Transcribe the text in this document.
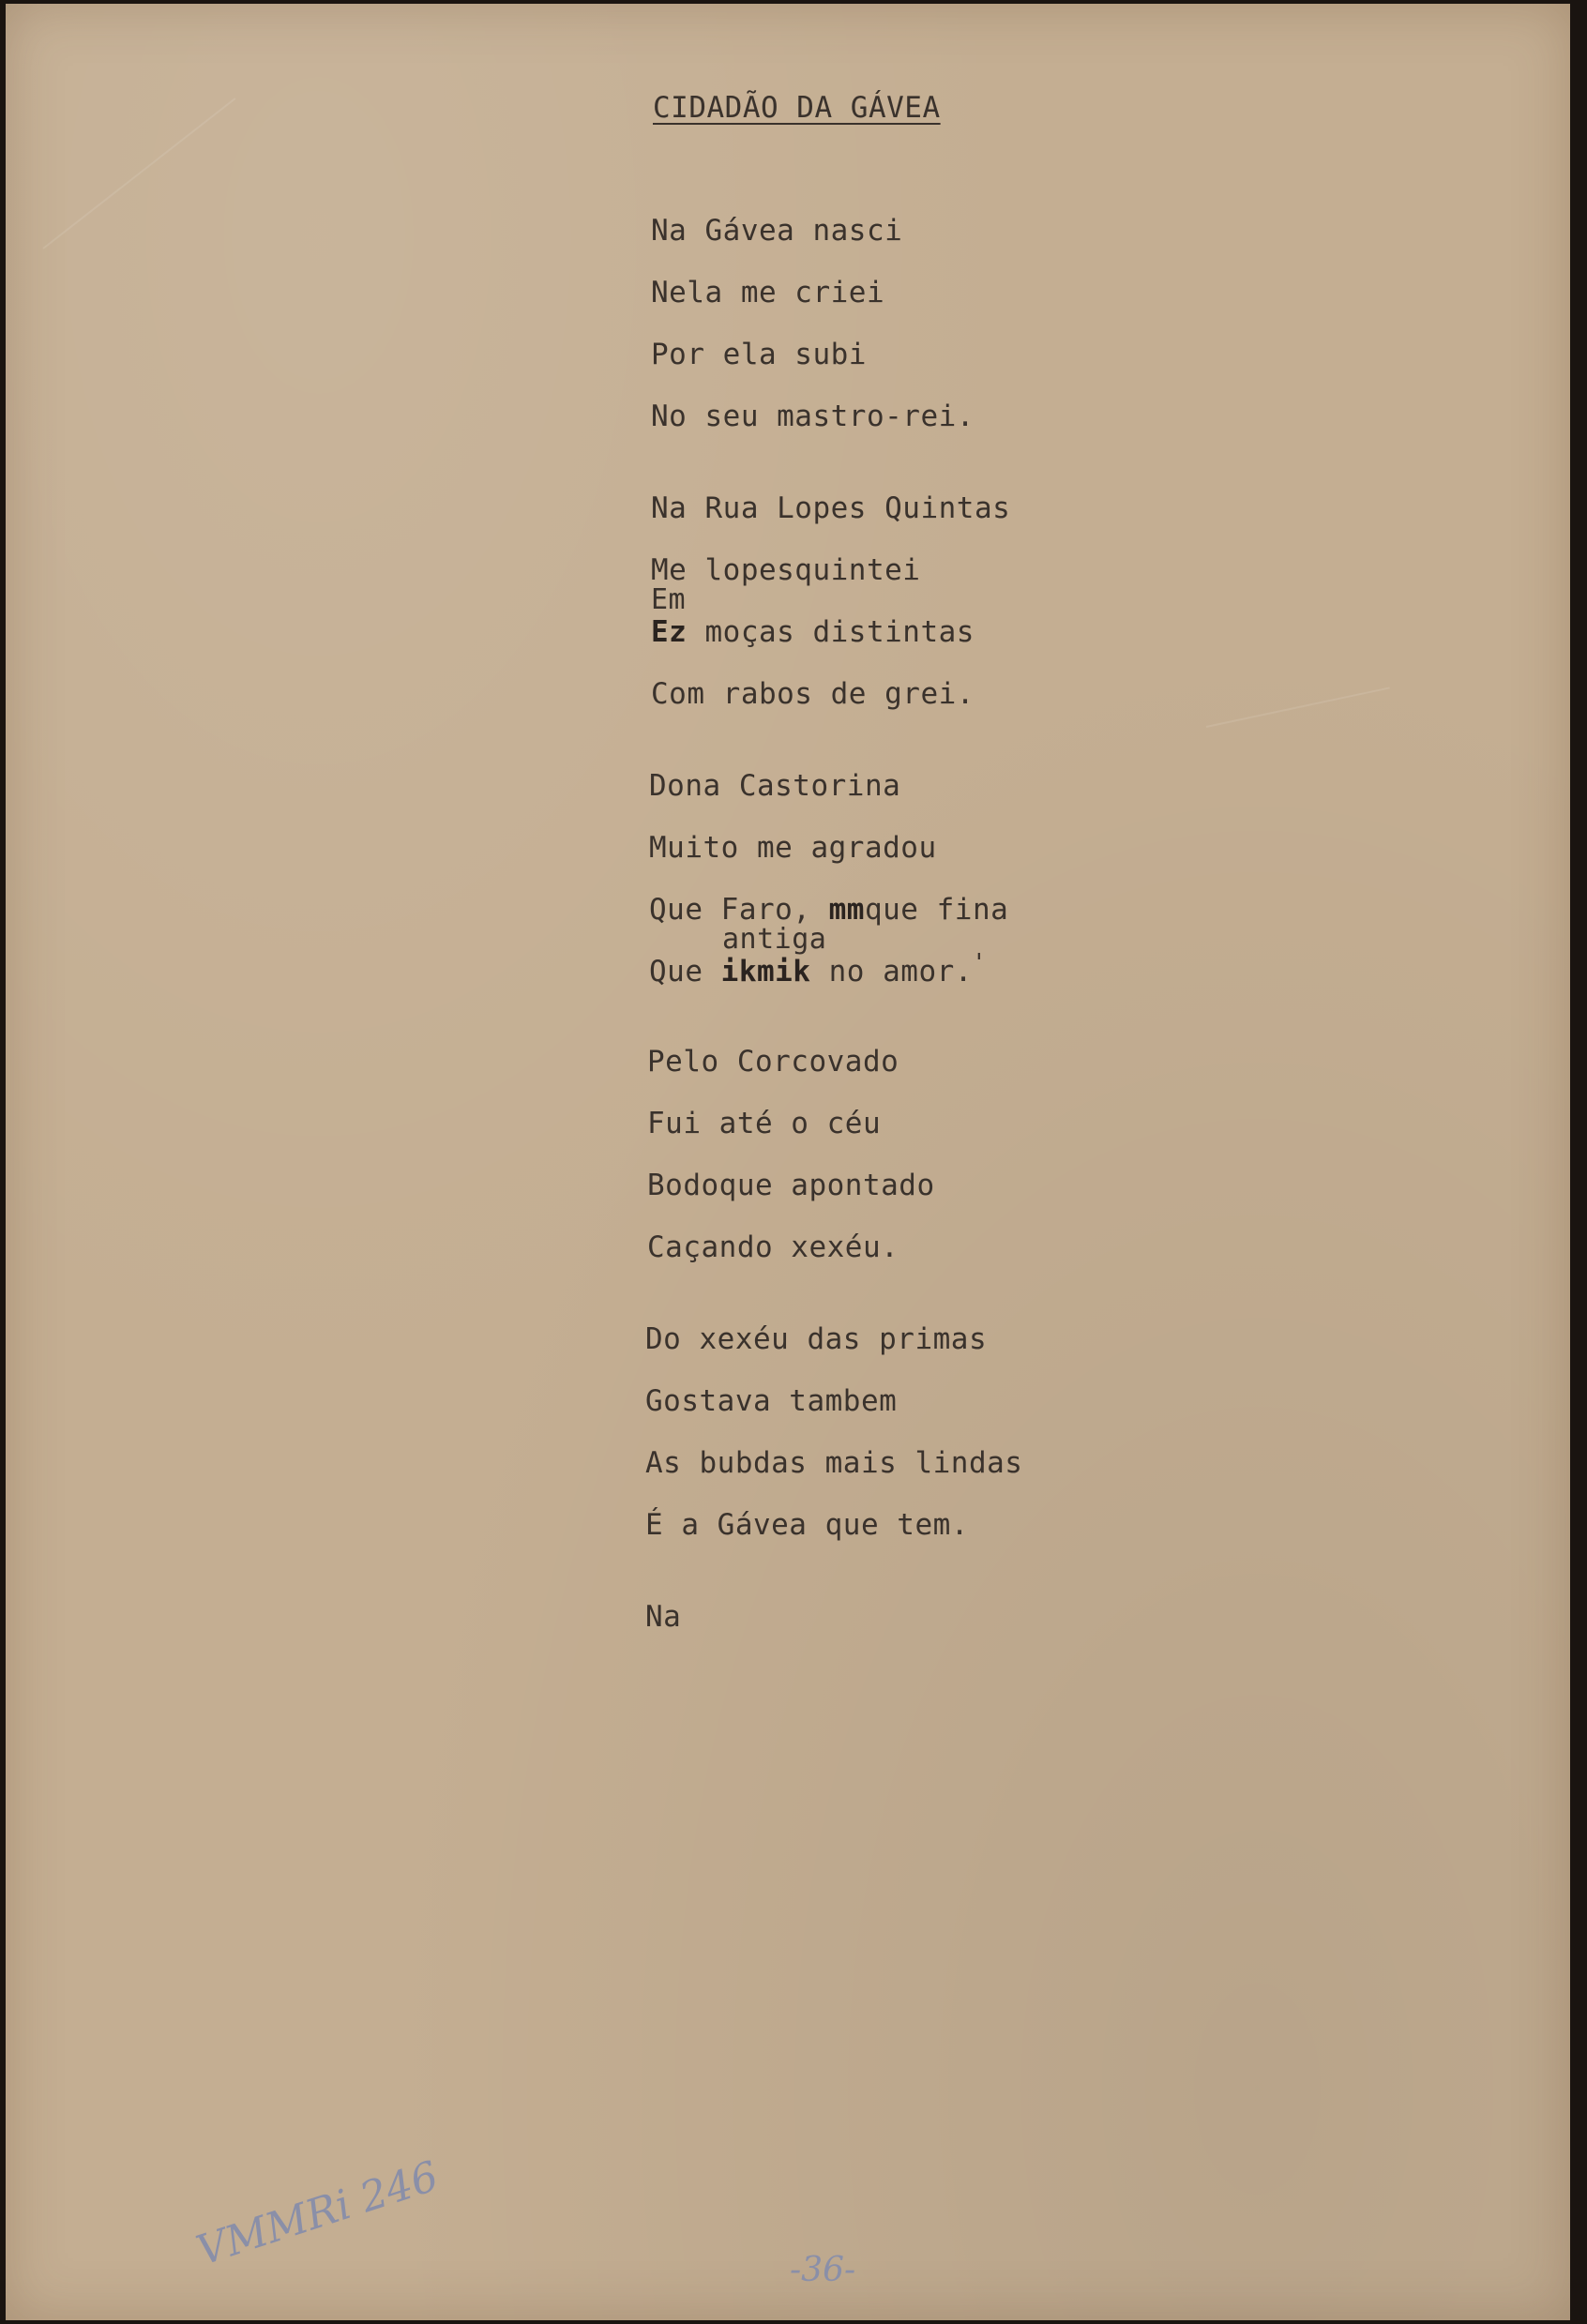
CIDADÃO DA GÁVEA
Na Gávea nasci
Nela me criei
Por ela subi
No seu mastro-rei.
Na Rua Lopes Quintas
Me lopesquintei
Em
Ez moças distintas
Com rabos de grei.
Dona Castorina
Muito me agradou
Que Faro, mmque fina
antiga
Que ikmik no amor. '
Pelo Corcovado
Fui até o céu
Bodoque apontado
Caçando xexéu.
Do xexéu das primas
Gostava tambem
As bubdas mais lindas
É a Gávea que tem.
Na
VMMRi 246	-36-
